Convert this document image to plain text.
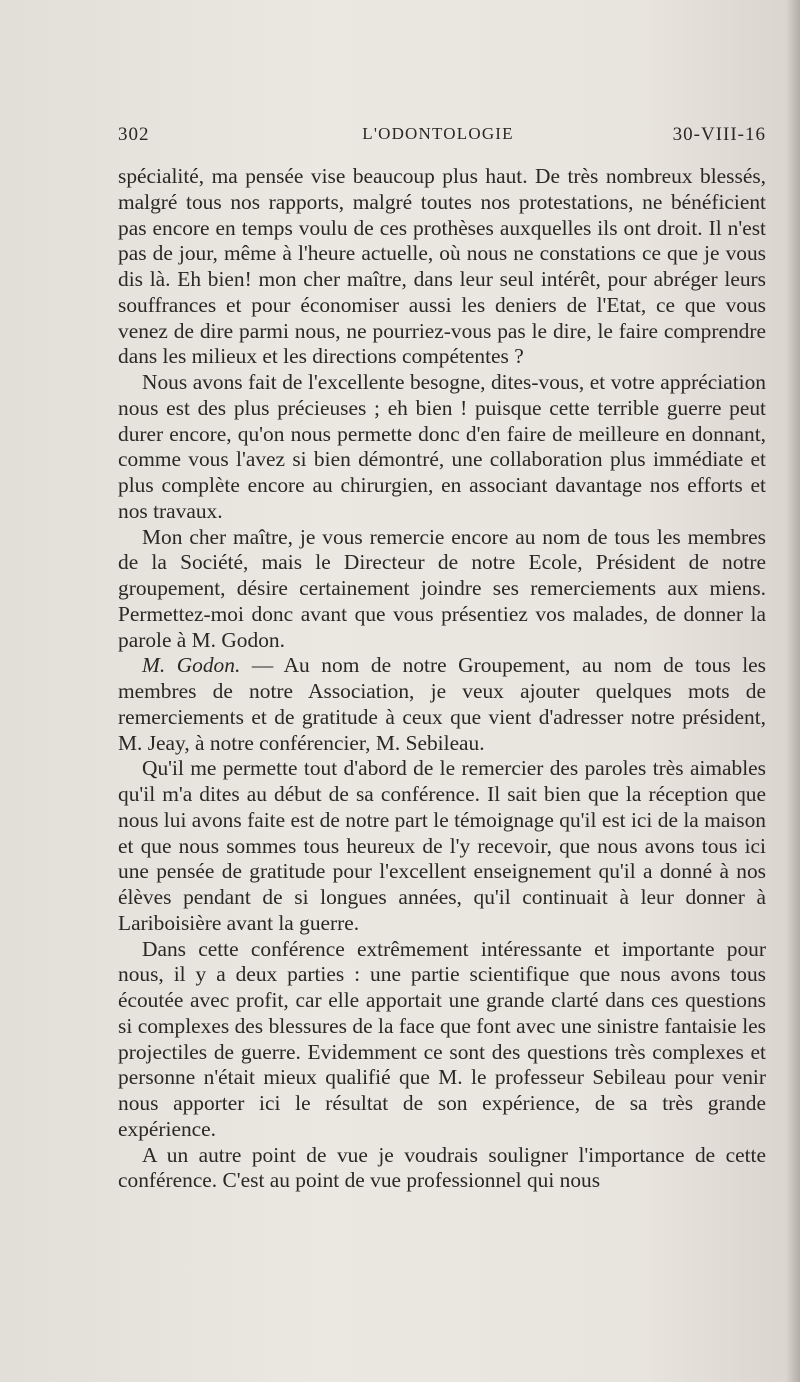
302	L'ODONTOLOGIE	30-VIII-16

spécialité, ma pensée vise beaucoup plus haut. De très nombreux blessés, malgré tous nos rapports, malgré toutes nos protestations, ne bénéficient pas encore en temps voulu de ces prothèses auxquelles ils ont droit. Il n'est pas de jour, même à l'heure actuelle, où nous ne constations ce que je vous dis là. Eh bien! mon cher maître, dans leur seul intérêt, pour abréger leurs souffrances et pour économiser aussi les deniers de l'Etat, ce que vous venez de dire parmi nous, ne pourriez-vous pas le dire, le faire comprendre dans les milieux et les directions compétentes ?

Nous avons fait de l'excellente besogne, dites-vous, et votre appréciation nous est des plus précieuses ; eh bien ! puisque cette terrible guerre peut durer encore, qu'on nous permette donc d'en faire de meilleure en donnant, comme vous l'avez si bien démontré, une collaboration plus immédiate et plus complète encore au chirurgien, en associant davantage nos efforts et nos travaux.

Mon cher maître, je vous remercie encore au nom de tous les membres de la Société, mais le Directeur de notre Ecole, Président de notre groupement, désire certainement joindre ses remerciements aux miens. Permettez-moi donc avant que vous présentiez vos malades, de donner la parole à M. Godon.

M. Godon. — Au nom de notre Groupement, au nom de tous les membres de notre Association, je veux ajouter quelques mots de remerciements et de gratitude à ceux que vient d'adresser notre président, M. Jeay, à notre conférencier, M. Sebileau.

Qu'il me permette tout d'abord de le remercier des paroles très aimables qu'il m'a dites au début de sa conférence. Il sait bien que la réception que nous lui avons faite est de notre part le témoignage qu'il est ici de la maison et que nous sommes tous heureux de l'y recevoir, que nous avons tous ici une pensée de gratitude pour l'excellent enseignement qu'il a donné à nos élèves pendant de si longues années, qu'il continuait à leur donner à Lariboisière avant la guerre.

Dans cette conférence extrêmement intéressante et importante pour nous, il y a deux parties : une partie scientifique que nous avons tous écoutée avec profit, car elle apportait une grande clarté dans ces questions si complexes des blessures de la face que font avec une sinistre fantaisie les projectiles de guerre. Evidemment ce sont des questions très complexes et personne n'était mieux qualifié que M. le professeur Sebileau pour venir nous apporter ici le résultat de son expérience, de sa très grande expérience.

A un autre point de vue je voudrais souligner l'importance de cette conférence. C'est au point de vue professionnel qui nous
